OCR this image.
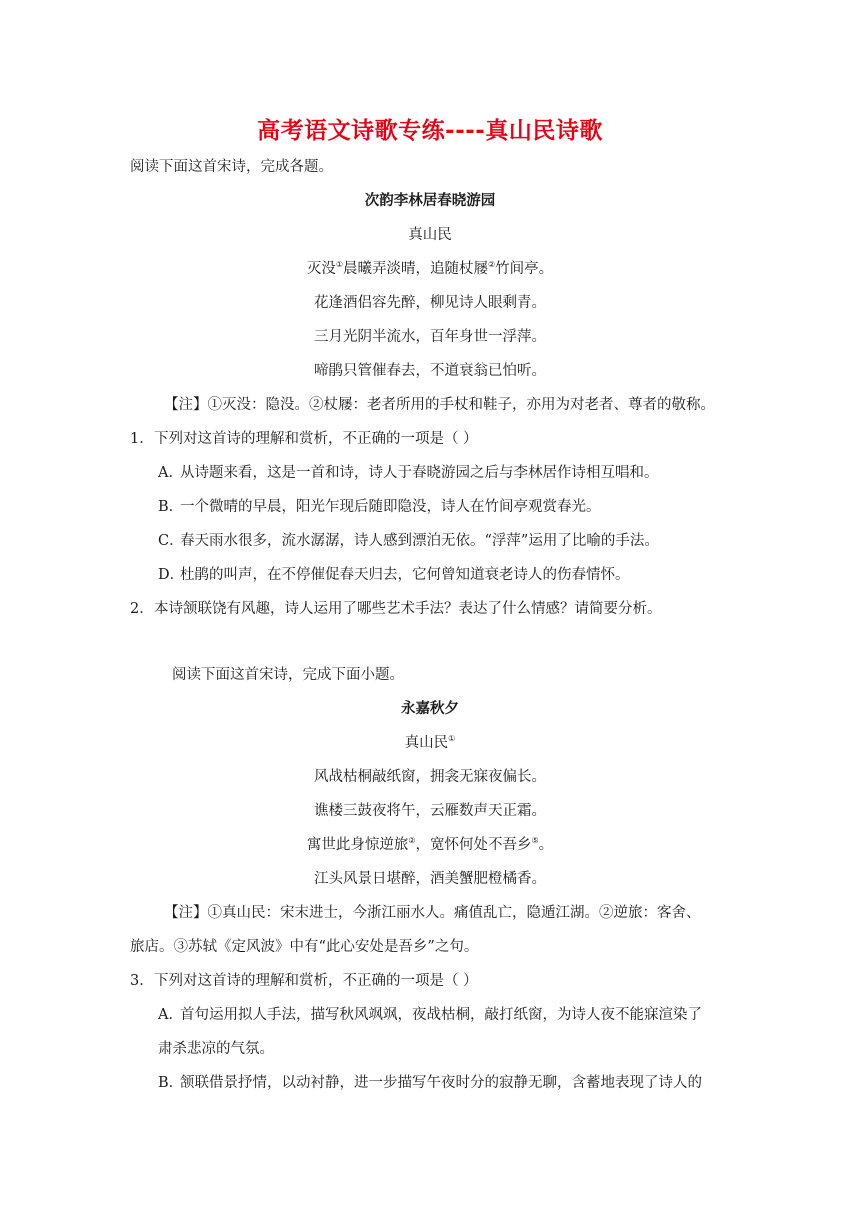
高考语文诗歌专练----真山民诗歌
阅读下面这首宋诗，完成各题。
次韵李林居春晓游园
真山民
灭没①晨曦弄淡晴，追随杖屦②竹间亭。
花逢酒侣容先醉，柳见诗人眼剩青。
三月光阴半流水，百年身世一浮萍。
啼鹃只管催春去，不道衰翁已怕听。
【注】①灭没：隐没。②杖屦：老者所用的手杖和鞋子，亦用为对老者、尊者的敬称。
1．下列对这首诗的理解和赏析，不正确的一项是（ ）
A．从诗题来看，这是一首和诗，诗人于春晓游园之后与李林居作诗相互唱和。
B．一个微晴的早晨，阳光乍现后随即隐没，诗人在竹间亭观赏春光。
C．春天雨水很多，流水潺潺，诗人感到漂泊无依。“浮萍”运用了比喻的手法。
D．杜鹃的叫声，在不停催促春天归去，它何曾知道衰老诗人的伤春情怀。
2．本诗颔联饶有风趣，诗人运用了哪些艺术手法？表达了什么情感？请简要分析。
阅读下面这首宋诗，完成下面小题。
永嘉秋夕
真山民①
风战枯桐敲纸窗，拥衾无寐夜偏长。
谯楼三鼓夜将午，云雁数声天正霜。
寓世此身惊逆旅②，宽怀何处不吾乡⑤。
江头风景日堪醉，酒美蟹肥橙橘香。
【注】①真山民：宋末进士，今浙江丽水人。痛值乱亡，隐遁江湖。②逆旅：客舍、
旅店。③苏轼《定风波》中有“此心安处是吾乡”之句。
3．下列对这首诗的理解和赏析，不正确的一项是（ ）
A．首句运用拟人手法，描写秋风飒飒，夜战枯桐，敲打纸窗，为诗人夜不能寐渲染了
肃杀悲凉的气氛。
B．颔联借景抒情，以动衬静，进一步描写午夜时分的寂静无聊，含蓄地表现了诗人的
